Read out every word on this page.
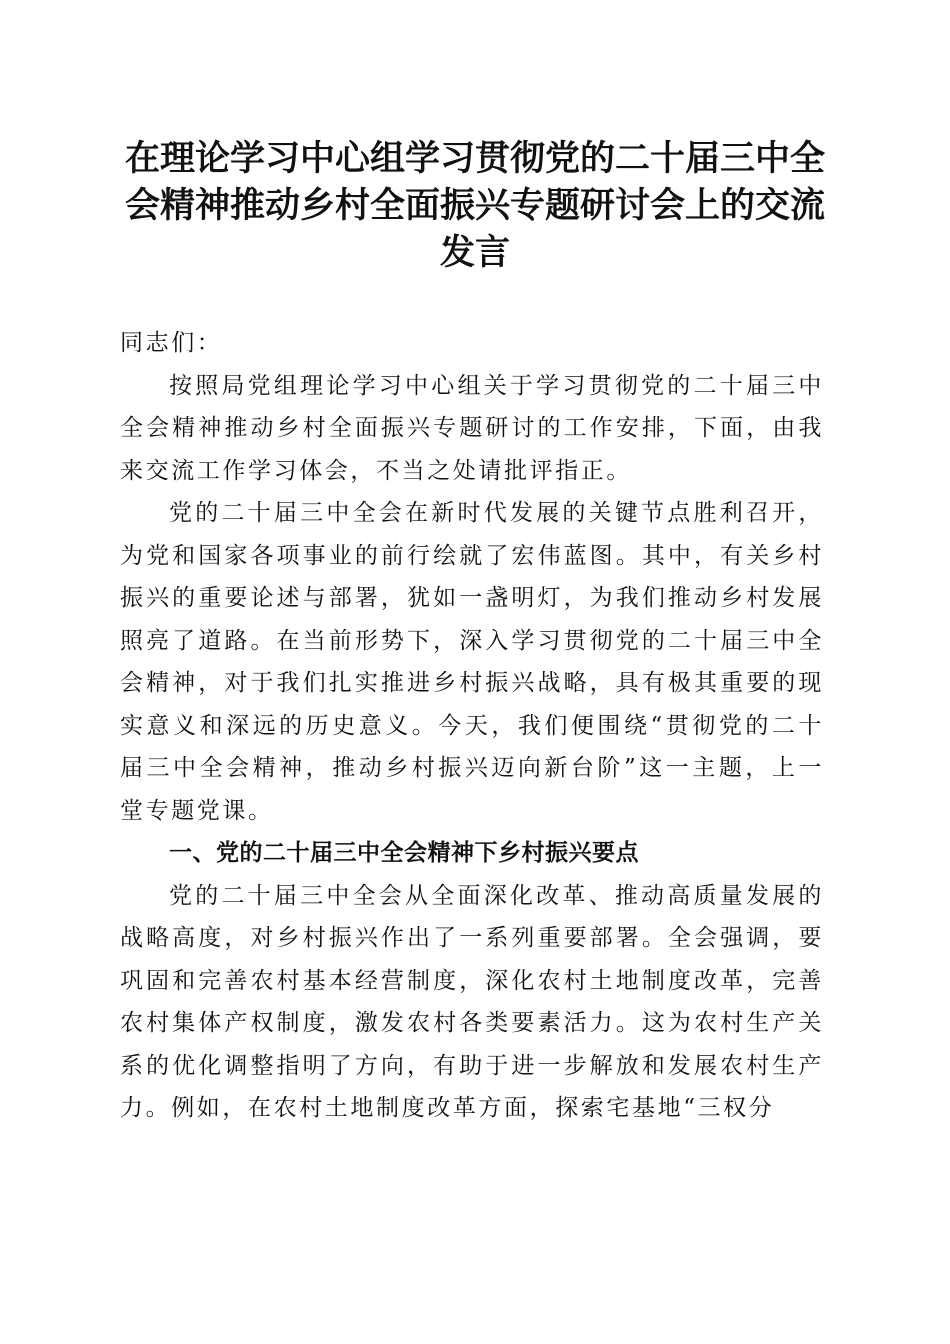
在理论学习中心组学习贯彻党的二十届三中全会精神推动乡村全面振兴专题研讨会上的交流发言

同志们：

按照局党组理论学习中心组关于学习贯彻党的二十届三中全会精神推动乡村全面振兴专题研讨的工作安排，下面，由我来交流工作学习体会，不当之处请批评指正。

党的二十届三中全会在新时代发展的关键节点胜利召开，为党和国家各项事业的前行绘就了宏伟蓝图。其中，有关乡村振兴的重要论述与部署，犹如一盏明灯，为我们推动乡村发展照亮了道路。在当前形势下，深入学习贯彻党的二十届三中全会精神，对于我们扎实推进乡村振兴战略，具有极其重要的现实意义和深远的历史意义。今天，我们便围绕“贯彻党的二十届三中全会精神，推动乡村振兴迈向新台阶”这一主题，上一堂专题党课。

一、党的二十届三中全会精神下乡村振兴要点

党的二十届三中全会从全面深化改革、推动高质量发展的战略高度，对乡村振兴作出了一系列重要部署。全会强调，要巩固和完善农村基本经营制度，深化农村土地制度改革，完善农村集体产权制度，激发农村各类要素活力。这为农村生产关系的优化调整指明了方向，有助于进一步解放和发展农村生产力。例如，在农村土地制度改革方面，探索宅基地“三权分
